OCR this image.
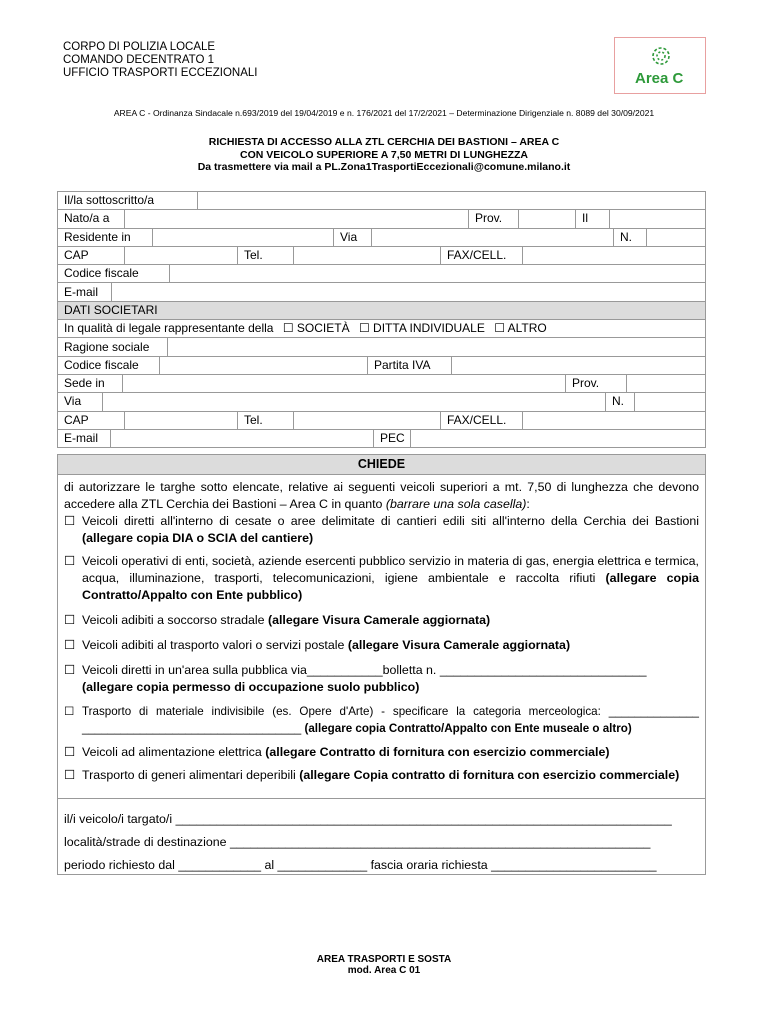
CORPO DI POLIZIA LOCALE
COMANDO DECENTRATO 1
UFFICIO TRASPORTI ECCEZIONALI	Area C
AREA C - Ordinanza Sindacale n.693/2019 del 19/04/2019 e n. 176/2021 del 17/2/2021 – Determinazione Dirigenziale n. 8089 del 30/09/2021
RICHIESTA DI ACCESSO ALLA ZTL CERCHIA DEI BASTIONI – AREA C
CON VEICOLO SUPERIORE A 7,50 METRI DI LUNGHEZZA
Da trasmettere via mail a PL.Zona1TrasportiEccezionali@comune.milano.it
Il/la sottoscritto/a	
Nato/a a		Prov.		Il	
Residente in		Via		N.	
CAP		Tel.		FAX/CELL.	
Codice fiscale	
E-mail	
DATI SOCIETARI
In qualità di legale rappresentante della ☐ SOCIETÀ ☐ DITTA INDIVIDUALE ☐ ALTRO
Ragione sociale	
Codice fiscale		Partita IVA	
Sede in		Prov.	
Via		N.	
CAP		Tel.		FAX/CELL.	
E-mail		PEC	
CHIEDE
di autorizzare le targhe sotto elencate, relative ai seguenti veicoli superiori a mt. 7,50 di lunghezza che devono accedere alla ZTL Cerchia dei Bastioni – Area C in quanto (barrare una sola casella):
☐ Veicoli diretti all'interno di cesate o aree delimitate di cantieri edili siti all'interno della Cerchia dei Bastioni (allegare copia DIA o SCIA del cantiere)
☐ Veicoli operativi di enti, società, aziende esercenti pubblico servizio in materia di gas, energia elettrica e termica, acqua, illuminazione, trasporti, telecomunicazioni, igiene ambientale e raccolta rifiuti (allegare copia Contratto/Appalto con Ente pubblico)
☐ Veicoli adibiti a soccorso stradale (allegare Visura Camerale aggiornata)
☐ Veicoli adibiti al trasporto valori o servizi postale (allegare Visura Camerale aggiornata)
☐ Veicoli diretti in un'area sulla pubblica via___________bolletta n. ______________________________
(allegare copia permesso di occupazione suolo pubblico)
☐ Trasporto di materiale indivisibile (es. Opere d'Arte) - specificare la categoria merceologica: ______________ __________________________________ (allegare copia Contratto/Appalto con Ente museale o altro)
☐ Veicoli ad alimentazione elettrica (allegare Contratto di fornitura con esercizio commerciale)
☐ Trasporto di generi alimentari deperibili (allegare Copia contratto di fornitura con esercizio commerciale)
il/i veicolo/i targato/i ________________________________________________________________________
località/strade di destinazione _____________________________________________________________
periodo richiesto dal ____________ al _____________ fascia oraria richiesta ________________________
AREA TRASPORTI E SOSTA
mod. Area C 01
